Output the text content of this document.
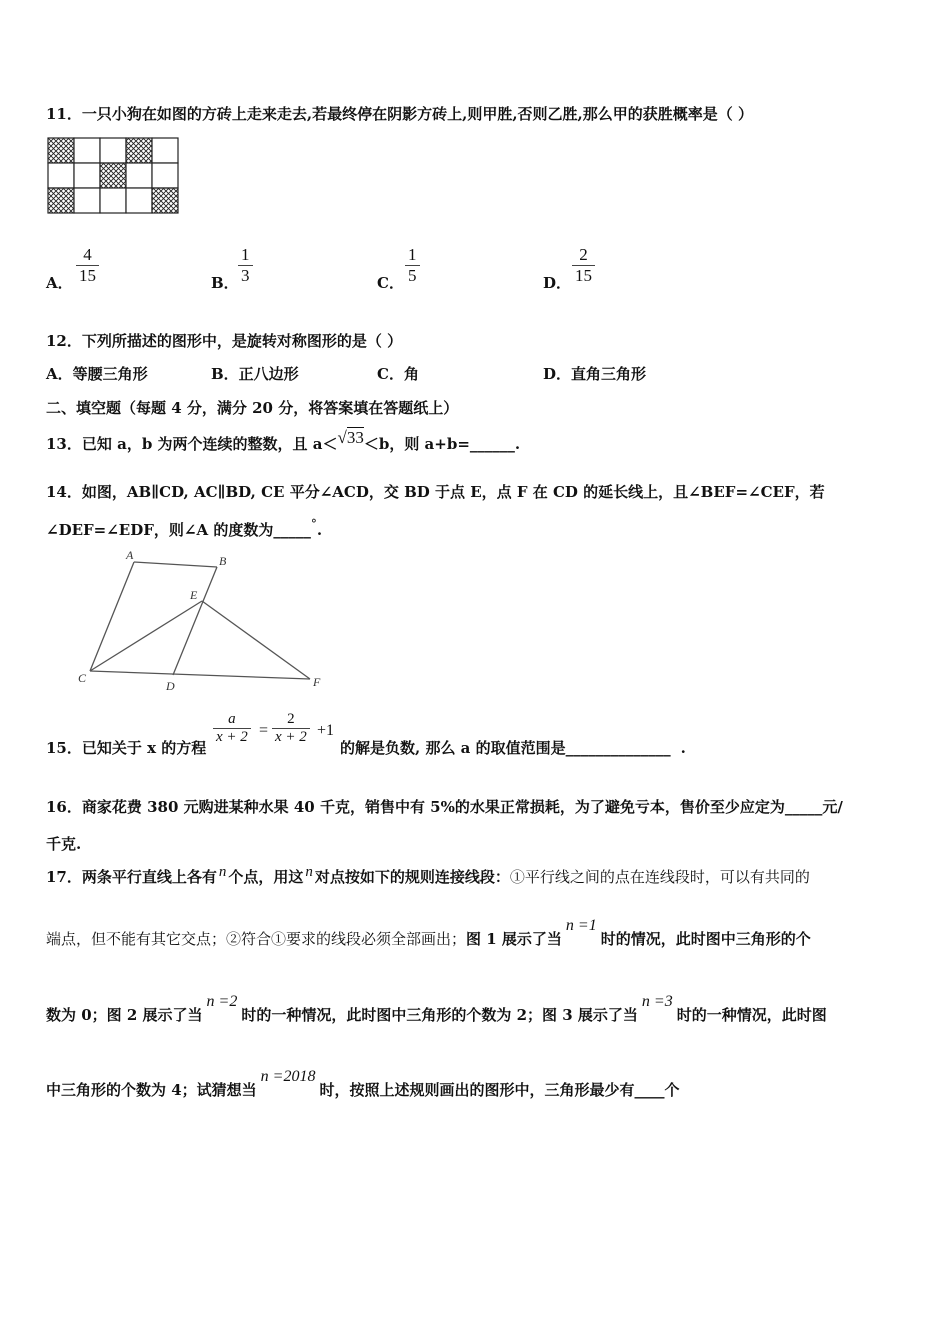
11．一只小狗在如图的方砖上走来走去,若最终停在阴影方砖上,则甲胜,否则乙胜,那么甲的获胜概率是（ ）
A．
4
15	B．
1
3	C．
1
5	D．
2
15
12．下列所描述的图形中，是旋转对称图形的是（ ）
A．等腰三角形	B．正八边形	C．角	D．直角三角形
二、填空题（每题 4 分，满分 20 分，将答案填在答题纸上）
13．已知 a，b 为两个连续的整数，且 a＜√33＜b，则 a+b=______.
14．如图，AB∥CD, AC∥BD, CE 平分∠ACD，交 BD 于点 E，点 F 在 CD 的延长线上，且∠BEF=∠CEF，若
∠DEF=∠EDF，则∠A 的度数为_____°.
A	B
E
C
D	F
15．已知关于 x 的方程
a
x + 2 =
2
x + 2 +1
的解是负数, 那么 a 的取值范围是______________ .
16．商家花费 380 元购进某种水果 40 千克，销售中有 5%的水果正常损耗，为了避免亏本，售价至少应定为_____元/
千克.
17．两条平行直线上各有 n 个点，用这 n 对点按如下的规则连接线段：①平行线之间的点在连线段时，可以有共同的
端点，但不能有其它交点；②符合①要求的线段必须全部画出；图 1 展示了当n =1时的情况，此时图中三角形的个
数为 0；图 2 展示了当n =2时的一种情况，此时图中三角形的个数为 2；图 3 展示了当n =3时的一种情况，此时图
中三角形的个数为 4；试猜想当n =2018时，按照上述规则画出的图形中，三角形最少有____个
